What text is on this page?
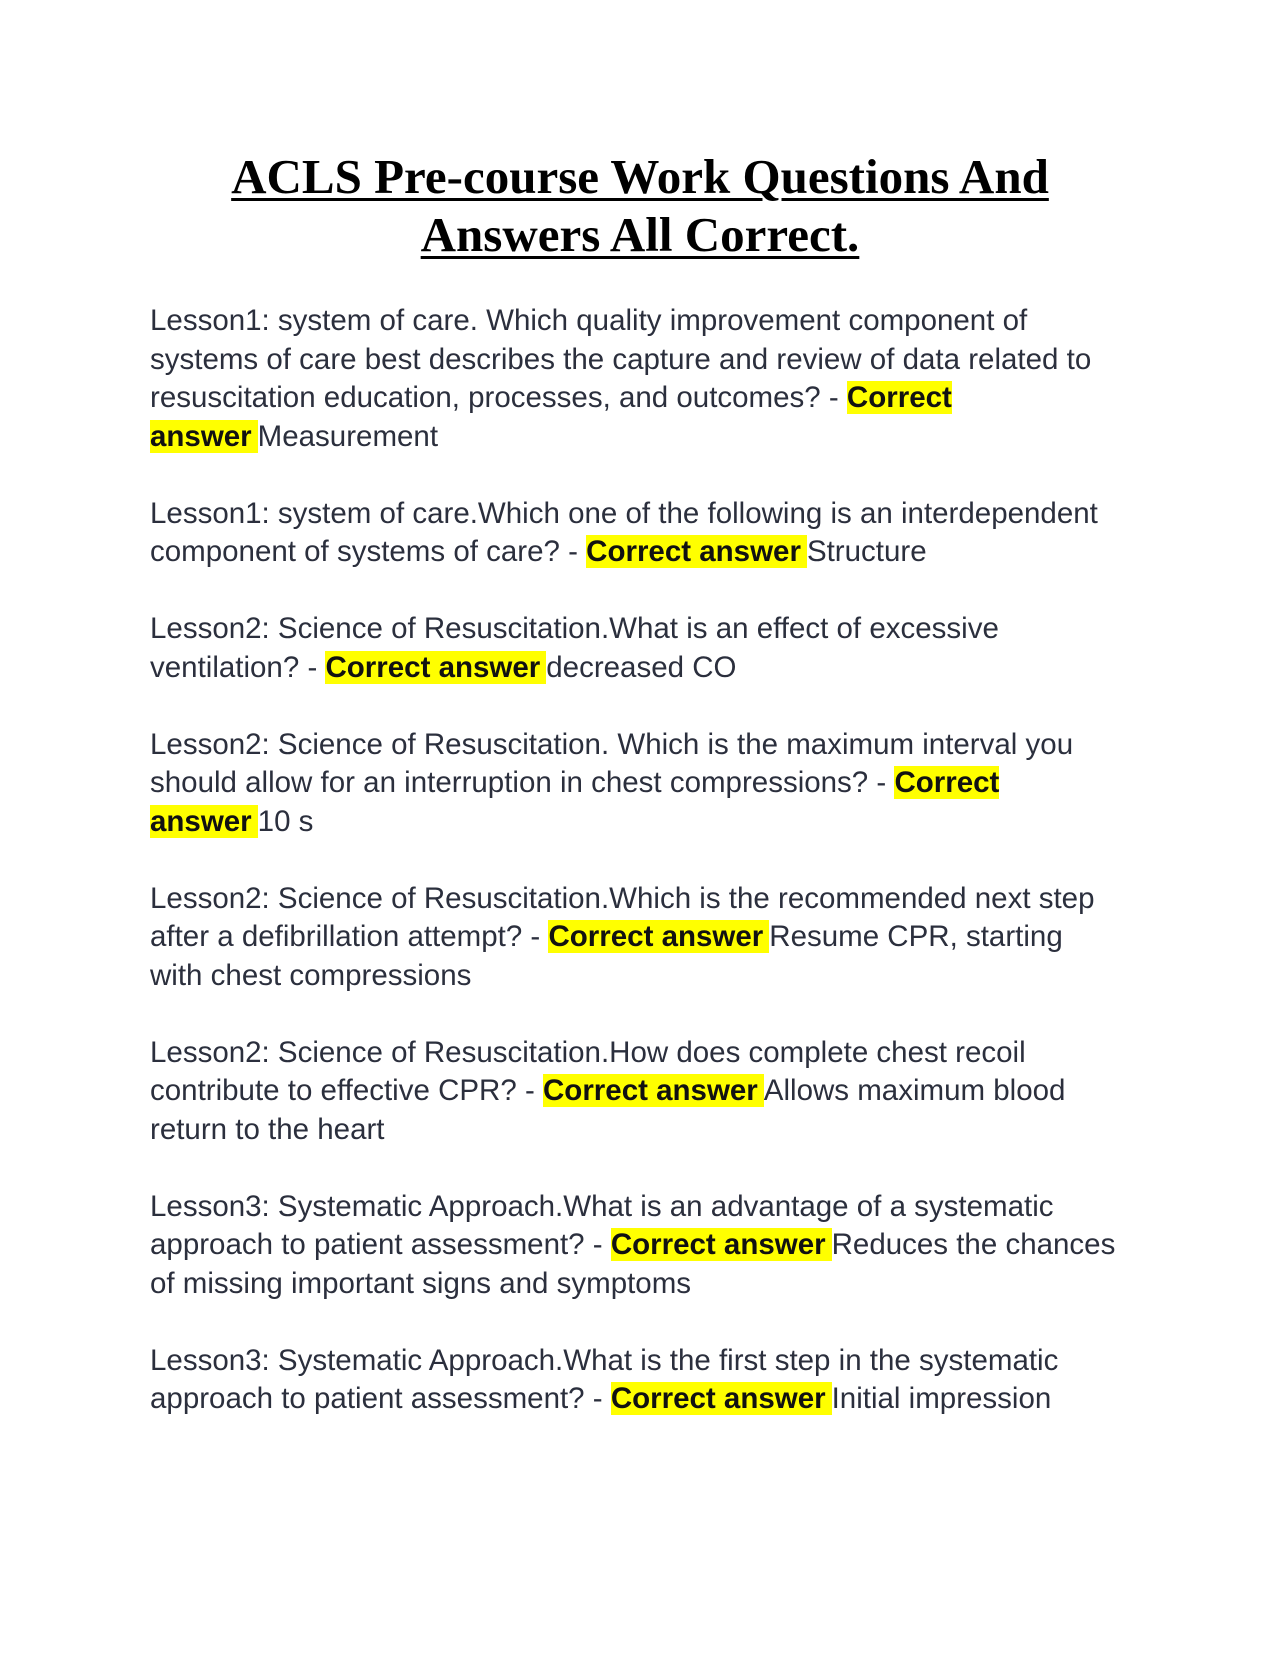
ACLS Pre-course Work Questions And
Answers All Correct.

Lesson1: system of care. Which quality improvement component of systems of care best describes the capture and review of data related to resuscitation education, processes, and outcomes? - Correct answer Measurement

Lesson1: system of care.Which one of the following is an interdependent component of systems of care? - Correct answer Structure

Lesson2: Science of Resuscitation.What is an effect of excessive ventilation? - Correct answer decreased CO

Lesson2: Science of Resuscitation. Which is the maximum interval you should allow for an interruption in chest compressions? - Correct answer 10 s

Lesson2: Science of Resuscitation.Which is the recommended next step after a defibrillation attempt? - Correct answer Resume CPR, starting with chest compressions

Lesson2: Science of Resuscitation.How does complete chest recoil contribute to effective CPR? - Correct answer Allows maximum blood return to the heart

Lesson3: Systematic Approach.What is an advantage of a systematic approach to patient assessment? - Correct answer Reduces the chances of missing important signs and symptoms

Lesson3: Systematic Approach.What is the first step in the systematic approach to patient assessment? - Correct answer Initial impression
